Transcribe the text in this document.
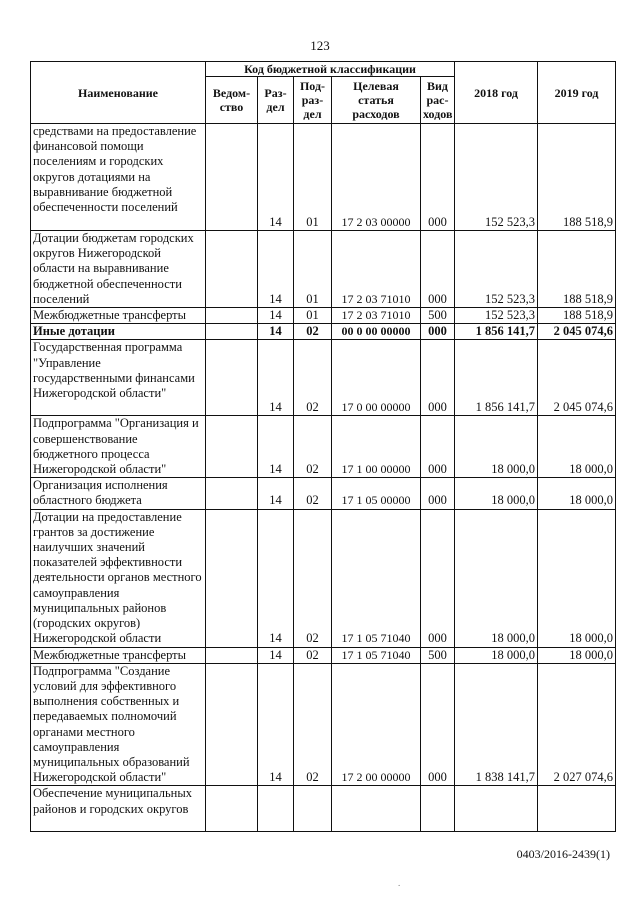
123
Наименование	Код бюджетной классификации					2018 год	2019 год
	Ведом-ство	Раз-дел	Под-раз-дел	Целевая статья расходов	Вид рас-ходов		
средствами на предоставление финансовой помощи поселениям и городских округов дотациями на выравнивание бюджетной обеспеченности поселений		14	01	17 2 03 00000	000	152 523,3	188 518,9
Дотации бюджетам городских округов Нижегородской области на выравнивание бюджетной обеспеченности поселений		14	01	17 2 03 71010	000	152 523,3	188 518,9
Межбюджетные трансферты		14	01	17 2 03 71010	500	152 523,3	188 518,9
Иные дотации		14	02	00 0 00 00000	000	1 856 141,7	2 045 074,6
Государственная программа "Управление государственными финансами Нижегородской области"		14	02	17 0 00 00000	000	1 856 141,7	2 045 074,6
Подпрограмма "Организация и совершенствование бюджетного процесса Нижегородской области"		14	02	17 1 00 00000	000	18 000,0	18 000,0
Организация исполнения областного бюджета		14	02	17 1 05 00000	000	18 000,0	18 000,0
Дотации на предоставление грантов за достижение наилучших значений показателей эффективности деятельности органов местного самоуправления муниципальных районов (городских округов) Нижегородской области		14	02	17 1 05 71040	000	18 000,0	18 000,0
Межбюджетные трансферты		14	02	17 1 05 71040	500	18 000,0	18 000,0
Подпрограмма "Создание условий для эффективного выполнения собственных и передаваемых полномочий органами местного самоуправления муниципальных образований Нижегородской области"		14	02	17 2 00 00000	000	1 838 141,7	2 027 074,6
Обеспечение муниципальных районов и городских округов							
0403/2016-2439(1)
.
